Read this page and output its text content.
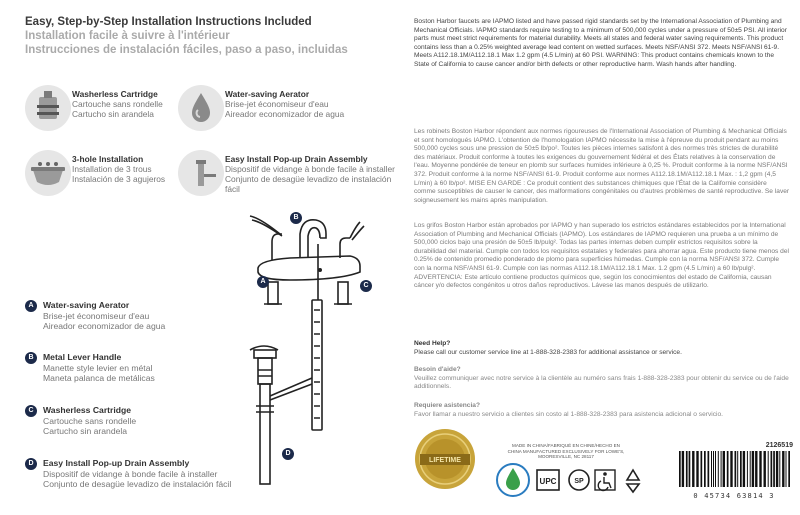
Easy, Step-by-Step Installation Instructions Included
Installation facile à suivre à l'intérieur
Instrucciones de instalación fáciles, paso a paso, incluidas
Washerless Cartridge
Cartouche sans rondelle
Cartucho sin arandela
Water-saving Aerator
Brise-jet économiseur d'eau
Aireador economizador de agua
3-hole Installation
Installation de 3 trous
Instalación de 3 agujeros
Easy Install Pop-up Drain Assembly
Dispositif de vidange à bonde facile à installer
Conjunto de desagüe levadizo de instalación fácil
A
B
C
D
A	Water-saving Aerator
Brise-jet économiseur d'eau
Aireador economizador de agua
B	Metal Lever Handle
Manette style levier en métal
Maneta palanca de metálicas
C	Washerless Cartridge
Cartouche sans rondelle
Cartucho sin arandela
D	Easy Install Pop-up Drain Assembly
Dispositif de vidange à bonde facile à installer
Conjunto de desagüe levadizo de instalación fácil
Boston Harbor faucets are IAPMO listed and have passed rigid standards set by the International Association of Plumbing and Mechanical Officials. IAPMO standards require testing to a minimum of 500,000 cycles under a pressure of 50±5 PSI. All interior parts must meet strict requirements for material durability. Meets all states and federal water saving requirements. This product contains less than a 0.25% weighted average lead content on wetted surfaces. Meets NSF/ANSI 372. Meets NSF/ANSI 61-9. Meets A112.18.1M/A112.18.1 Max 1.2 gpm (4.5 L/min) at 60 PSI. WARNING: This product contains chemicals known to the State of California to cause cancer and/or birth defects or other reproductive harm. Wash hands after handling.
Les robinets Boston Harbor répondent aux normes rigoureuses de l'International Association of Plumbing & Mechanical Officials et sont homologués IAPMO. L'obtention de l'homologation IAPMO nécessite la mise à l'épreuve du produit pendant au moins 500,000 cycles sous une pression de 50±5 lb/po². Toutes les pièces internes satisfont à des normes très strictes de durabilité des matériaux. Produit conforme à toutes les exigences du gouvernement fédéral et des États relatives à la conservation de l'eau. Moyenne pondérée de teneur en plomb sur surfaces humides inférieure à 0,25 %. Produit conforme à la norme NSF/ANSI 372. Produit conforme à la norme NSF/ANSI 61-9. Produit conforme aux normes A112.18.1M/A112.18.1 Max. : 1,2 gpm (4,5 L/min) à 60 lb/po². MISE EN GARDE : Ce produit contient des substances chimiques que l'État de la Californie considère comme susceptibles de causer le cancer, des malformations congénitales ou d'autres problèmes de santé reproductive. Se laver soigneusement les mains après manipulation.
Los grifos Boston Harbor están aprobados por IAPMO y han superado los estrictos estándares establecidos por la International Association of Plumbing and Mechanical Officials (IAPMO). Los estándares de IAPMO requieren una prueba a un mínimo de 500,000 ciclos bajo una presión de 50±5 lb/pulg². Todas las partes internas deben cumplir estrictos requisitos sobre la durabilidad del material. Cumple con todos los requisitos estatales y federales para ahorrar agua. Este producto tiene menos del 0.25% de contenido promedio ponderado de plomo para superficies húmedas. Cumple con la norma NSF/ANSI 372. Cumple con la norma NSF/ANSI 61-9. Cumple con las normas A112.18.1M/A112.18.1 Max. 1.2 gpm (4.5 L/min) a 60 lb/pulg². ADVERTENCIA: Este artículo contiene productos químicos que, según los conocimientos del estado de California, causan cáncer y/o defectos congénitos u otros daños reproductivos. Lávese las manos después de utilizarlo.
Need Help?
Please call our customer service line at 1-888-328-2383 for additional assistance or service.
Besoin d'aide?
Veuillez communiquer avec notre service à la clientèle au numéro sans frais 1-888-328-2383 pour obtenir du service ou de l'aide additionnels.
Requiere asistencia?
Favor llamar a nuestro servicio a clientes sin costo al 1-888-328-2383 para asistencia adicional o servicio.
LIFETIME
MADE IN CHINA/FABRIQUÉ EN CHINE/HECHO EN CHINA MANUFACTURED EXCLUSIVELY FOR LOWE'S, MOORESVILLE, NC 28117
UPC	SP
2126519
0 45734 63814 3
